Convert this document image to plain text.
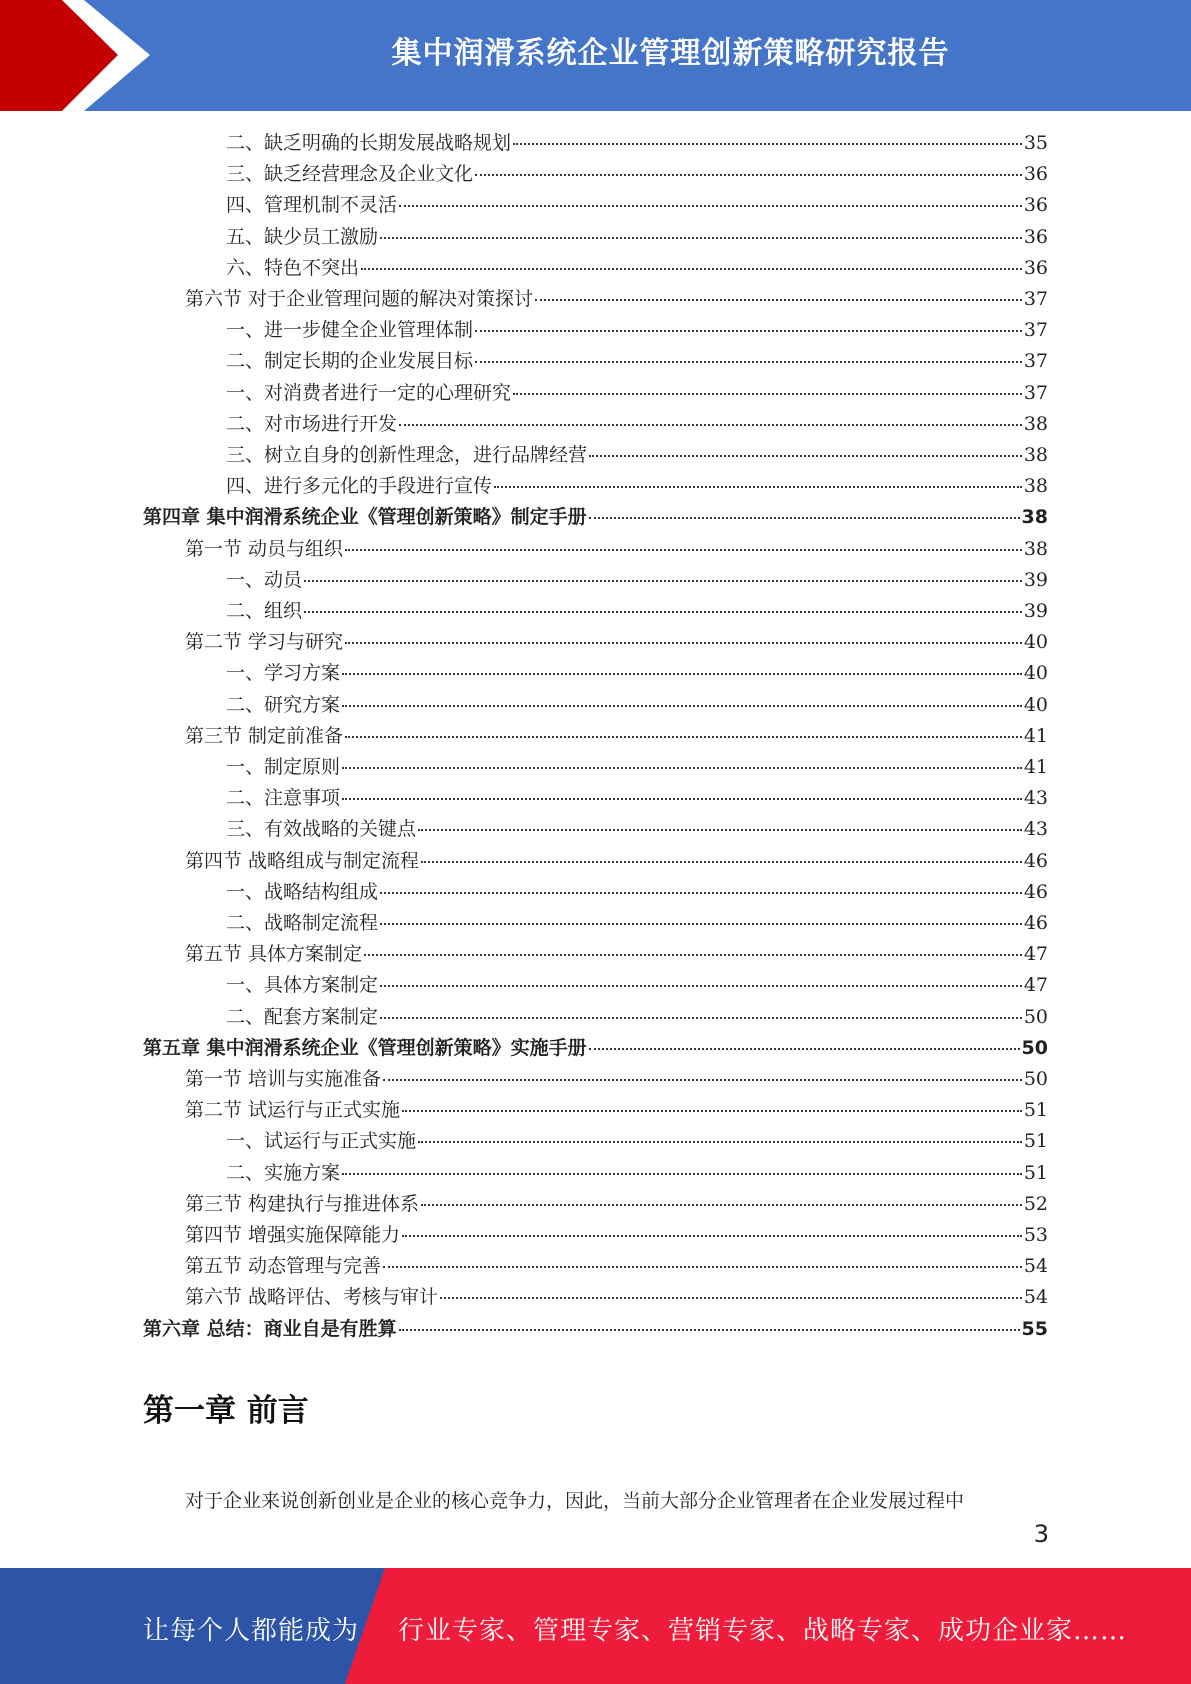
集中润滑系统企业管理创新策略研究报告
二、缺乏明确的长期发展战略规划	35
三、缺乏经营理念及企业文化	36
四、管理机制不灵活	36
五、缺少员工激励	36
六、特色不突出	36
第六节 对于企业管理问题的解决对策探讨	37
一、进一步健全企业管理体制	37
二、制定长期的企业发展目标	37
一、对消费者进行一定的心理研究	37
二、对市场进行开发	38
三、树立自身的创新性理念，进行品牌经营	38
四、进行多元化的手段进行宣传	38
第四章 集中润滑系统企业《管理创新策略》制定手册	38
第一节 动员与组织	38
一、动员	39
二、组织	39
第二节 学习与研究	40
一、学习方案	40
二、研究方案	40
第三节 制定前准备	41
一、制定原则	41
二、注意事项	43
三、有效战略的关键点	43
第四节 战略组成与制定流程	46
一、战略结构组成	46
二、战略制定流程	46
第五节 具体方案制定	47
一、具体方案制定	47
二、配套方案制定	50
第五章 集中润滑系统企业《管理创新策略》实施手册	50
第一节 培训与实施准备	50
第二节 试运行与正式实施	51
一、试运行与正式实施	51
二、实施方案	51
第三节 构建执行与推进体系	52
第四节 增强实施保障能力	53
第五节 动态管理与完善	54
第六节 战略评估、考核与审计	54
第六章 总结：商业自是有胜算	55
第一章 前言
对于企业来说创新创业是企业的核心竞争力，因此，当前大部分企业管理者在企业发展过程中
3
让每个人都能成为 行业专家、管理专家、营销专家、战略专家、成功企业家……
